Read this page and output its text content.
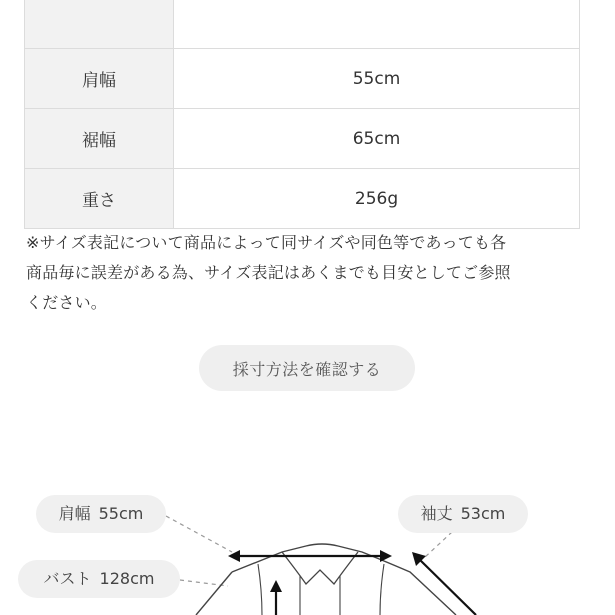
肩幅	55cm
裾幅	65cm
重さ	256g
※サイズ表記について商品によって同サイズや同色等であっても各
商品毎に誤差がある為、サイズ表記はあくまでも目安としてご参照
ください。
採寸方法を確認する
肩幅 55cm	袖丈 53cm
バスト 128cm
